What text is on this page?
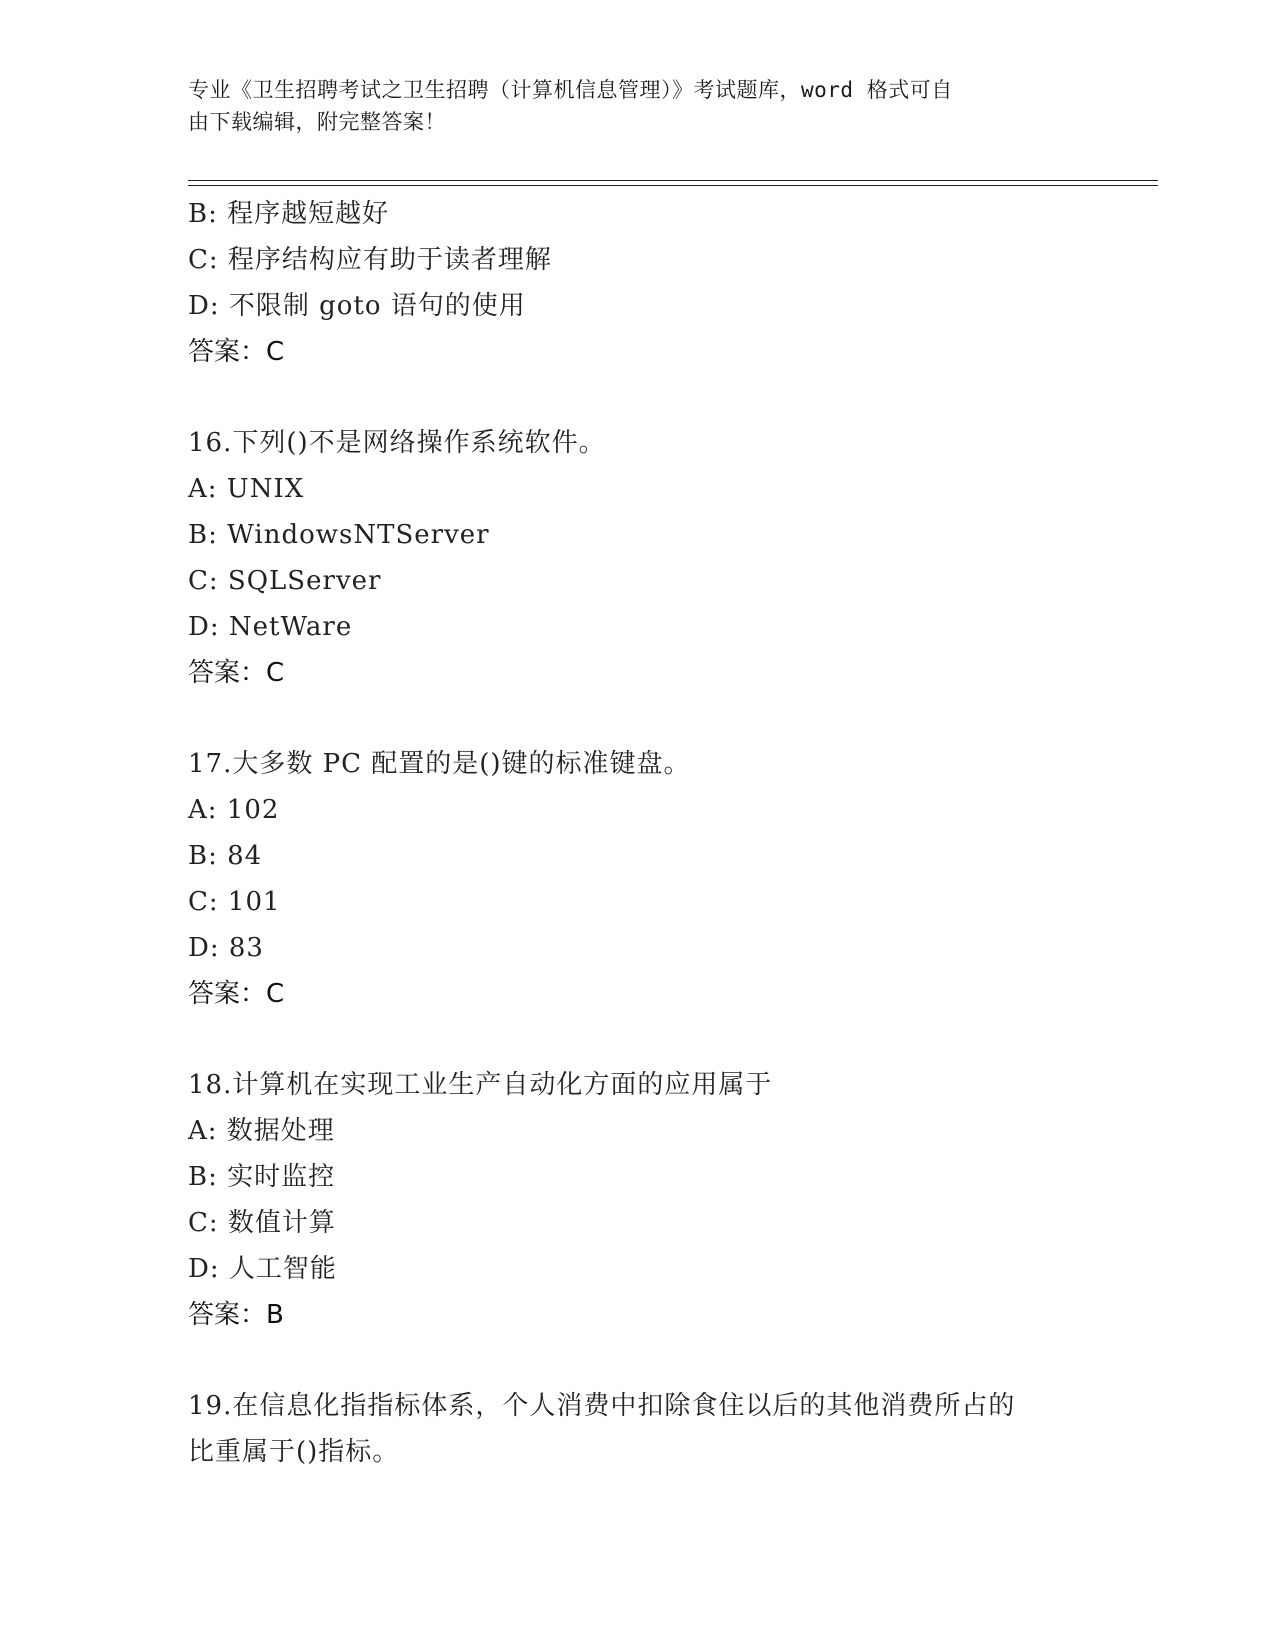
专业《卫生招聘考试之卫生招聘（计算机信息管理）》考试题库，word 格式可自
由下载编辑，附完整答案！
B: 程序越短越好
C: 程序结构应有助于读者理解
D: 不限制 goto 语句的使用
答案：C
16.下列()不是网络操作系统软件。
A: UNIX
B: WindowsNTServer
C: SQLServer
D: NetWare
答案：C
17.大多数 PC 配置的是()键的标准键盘。
A: 102
B: 84
C: 101
D: 83
答案：C
18.计算机在实现工业生产自动化方面的应用属于
A: 数据处理
B: 实时监控
C: 数值计算
D: 人工智能
答案：B
19.在信息化指指标体系，个人消费中扣除食住以后的其他消费所占的
比重属于()指标。
